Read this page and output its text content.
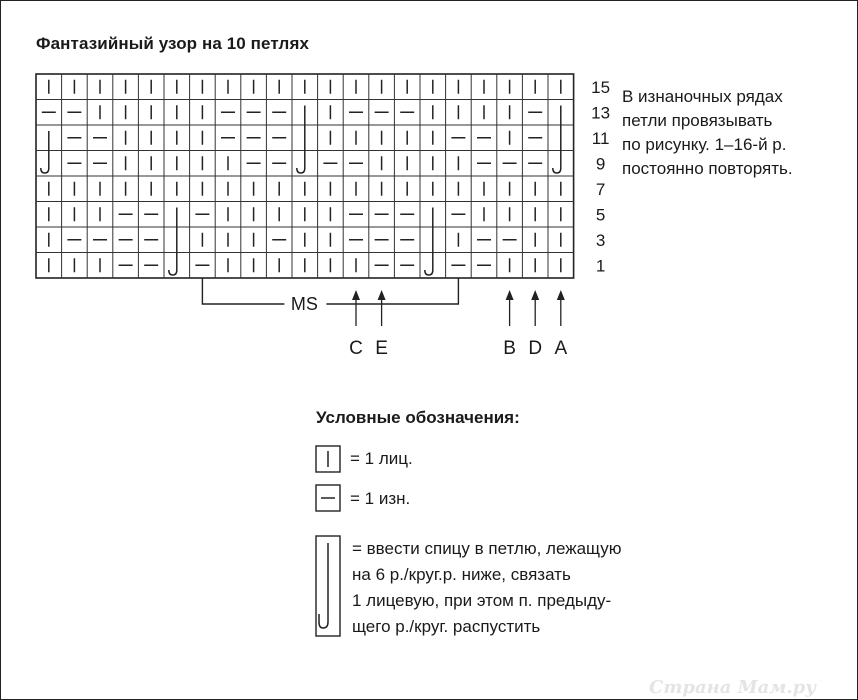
Фантазийный узор на 10 петлях
15
13
11
9
7
5
3
1
MS
C E	B D A
В изнаночных рядах
петли провязывать
по рисунку. 1–16-й р.
постоянно повторять.
Условные обозначения:
= 1 лиц.
= 1 изн.
= ввести спицу в петлю, лежащую
на 6 р./круг.р. ниже, связать
1 лицевую, при этом п. предыду-
щего р./круг. распустить
Страна Мам.ру
